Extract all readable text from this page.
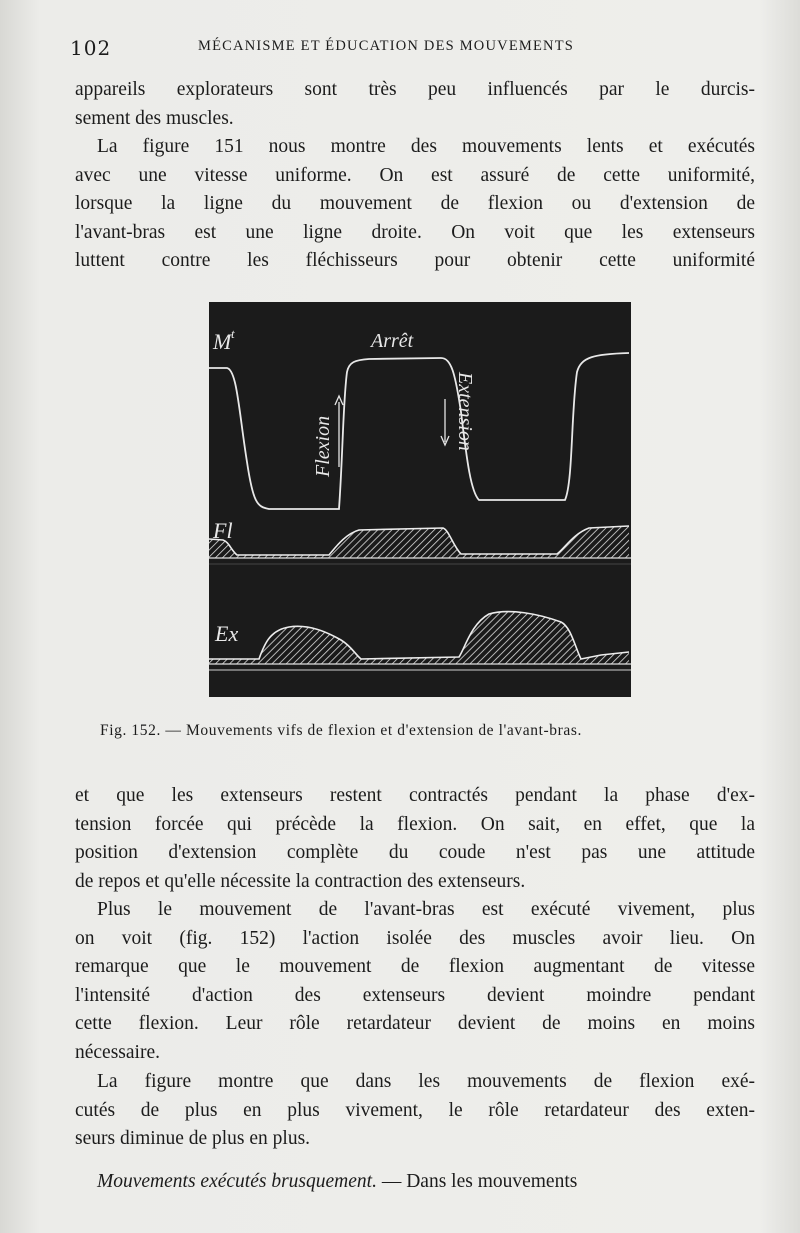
102	MÉCANISME ET ÉDUCATION DES MOUVEMENTS
appareils explorateurs sont très peu influencés par le durcis-
sement des muscles.
La figure 151 nous montre des mouvements lents et exécutés
avec une vitesse uniforme. On est assuré de cette uniformité,
lorsque la ligne du mouvement de flexion ou d'extension de
l'avant-bras est une ligne droite. On voit que les extenseurs
luttent contre les fléchisseurs pour obtenir cette uniformité
M t	Arrêt
Flexion	Extension
Fl
Ex
Fig. 152. — Mouvements vifs de flexion et d'extension de l'avant-bras.
et que les extenseurs restent contractés pendant la phase d'ex-
tension forcée qui précède la flexion. On sait, en effet, que la
position d'extension complète du coude n'est pas une attitude
de repos et qu'elle nécessite la contraction des extenseurs.
Plus le mouvement de l'avant-bras est exécuté vivement, plus
on voit (fig. 152) l'action isolée des muscles avoir lieu. On
remarque que le mouvement de flexion augmentant de vitesse
l'intensité d'action des extenseurs devient moindre pendant
cette flexion. Leur rôle retardateur devient de moins en moins
nécessaire.
La figure montre que dans les mouvements de flexion exé-
cutés de plus en plus vivement, le rôle retardateur des exten-
seurs diminue de plus en plus.
Mouvements exécutés brusquement. — Dans les mouvements
